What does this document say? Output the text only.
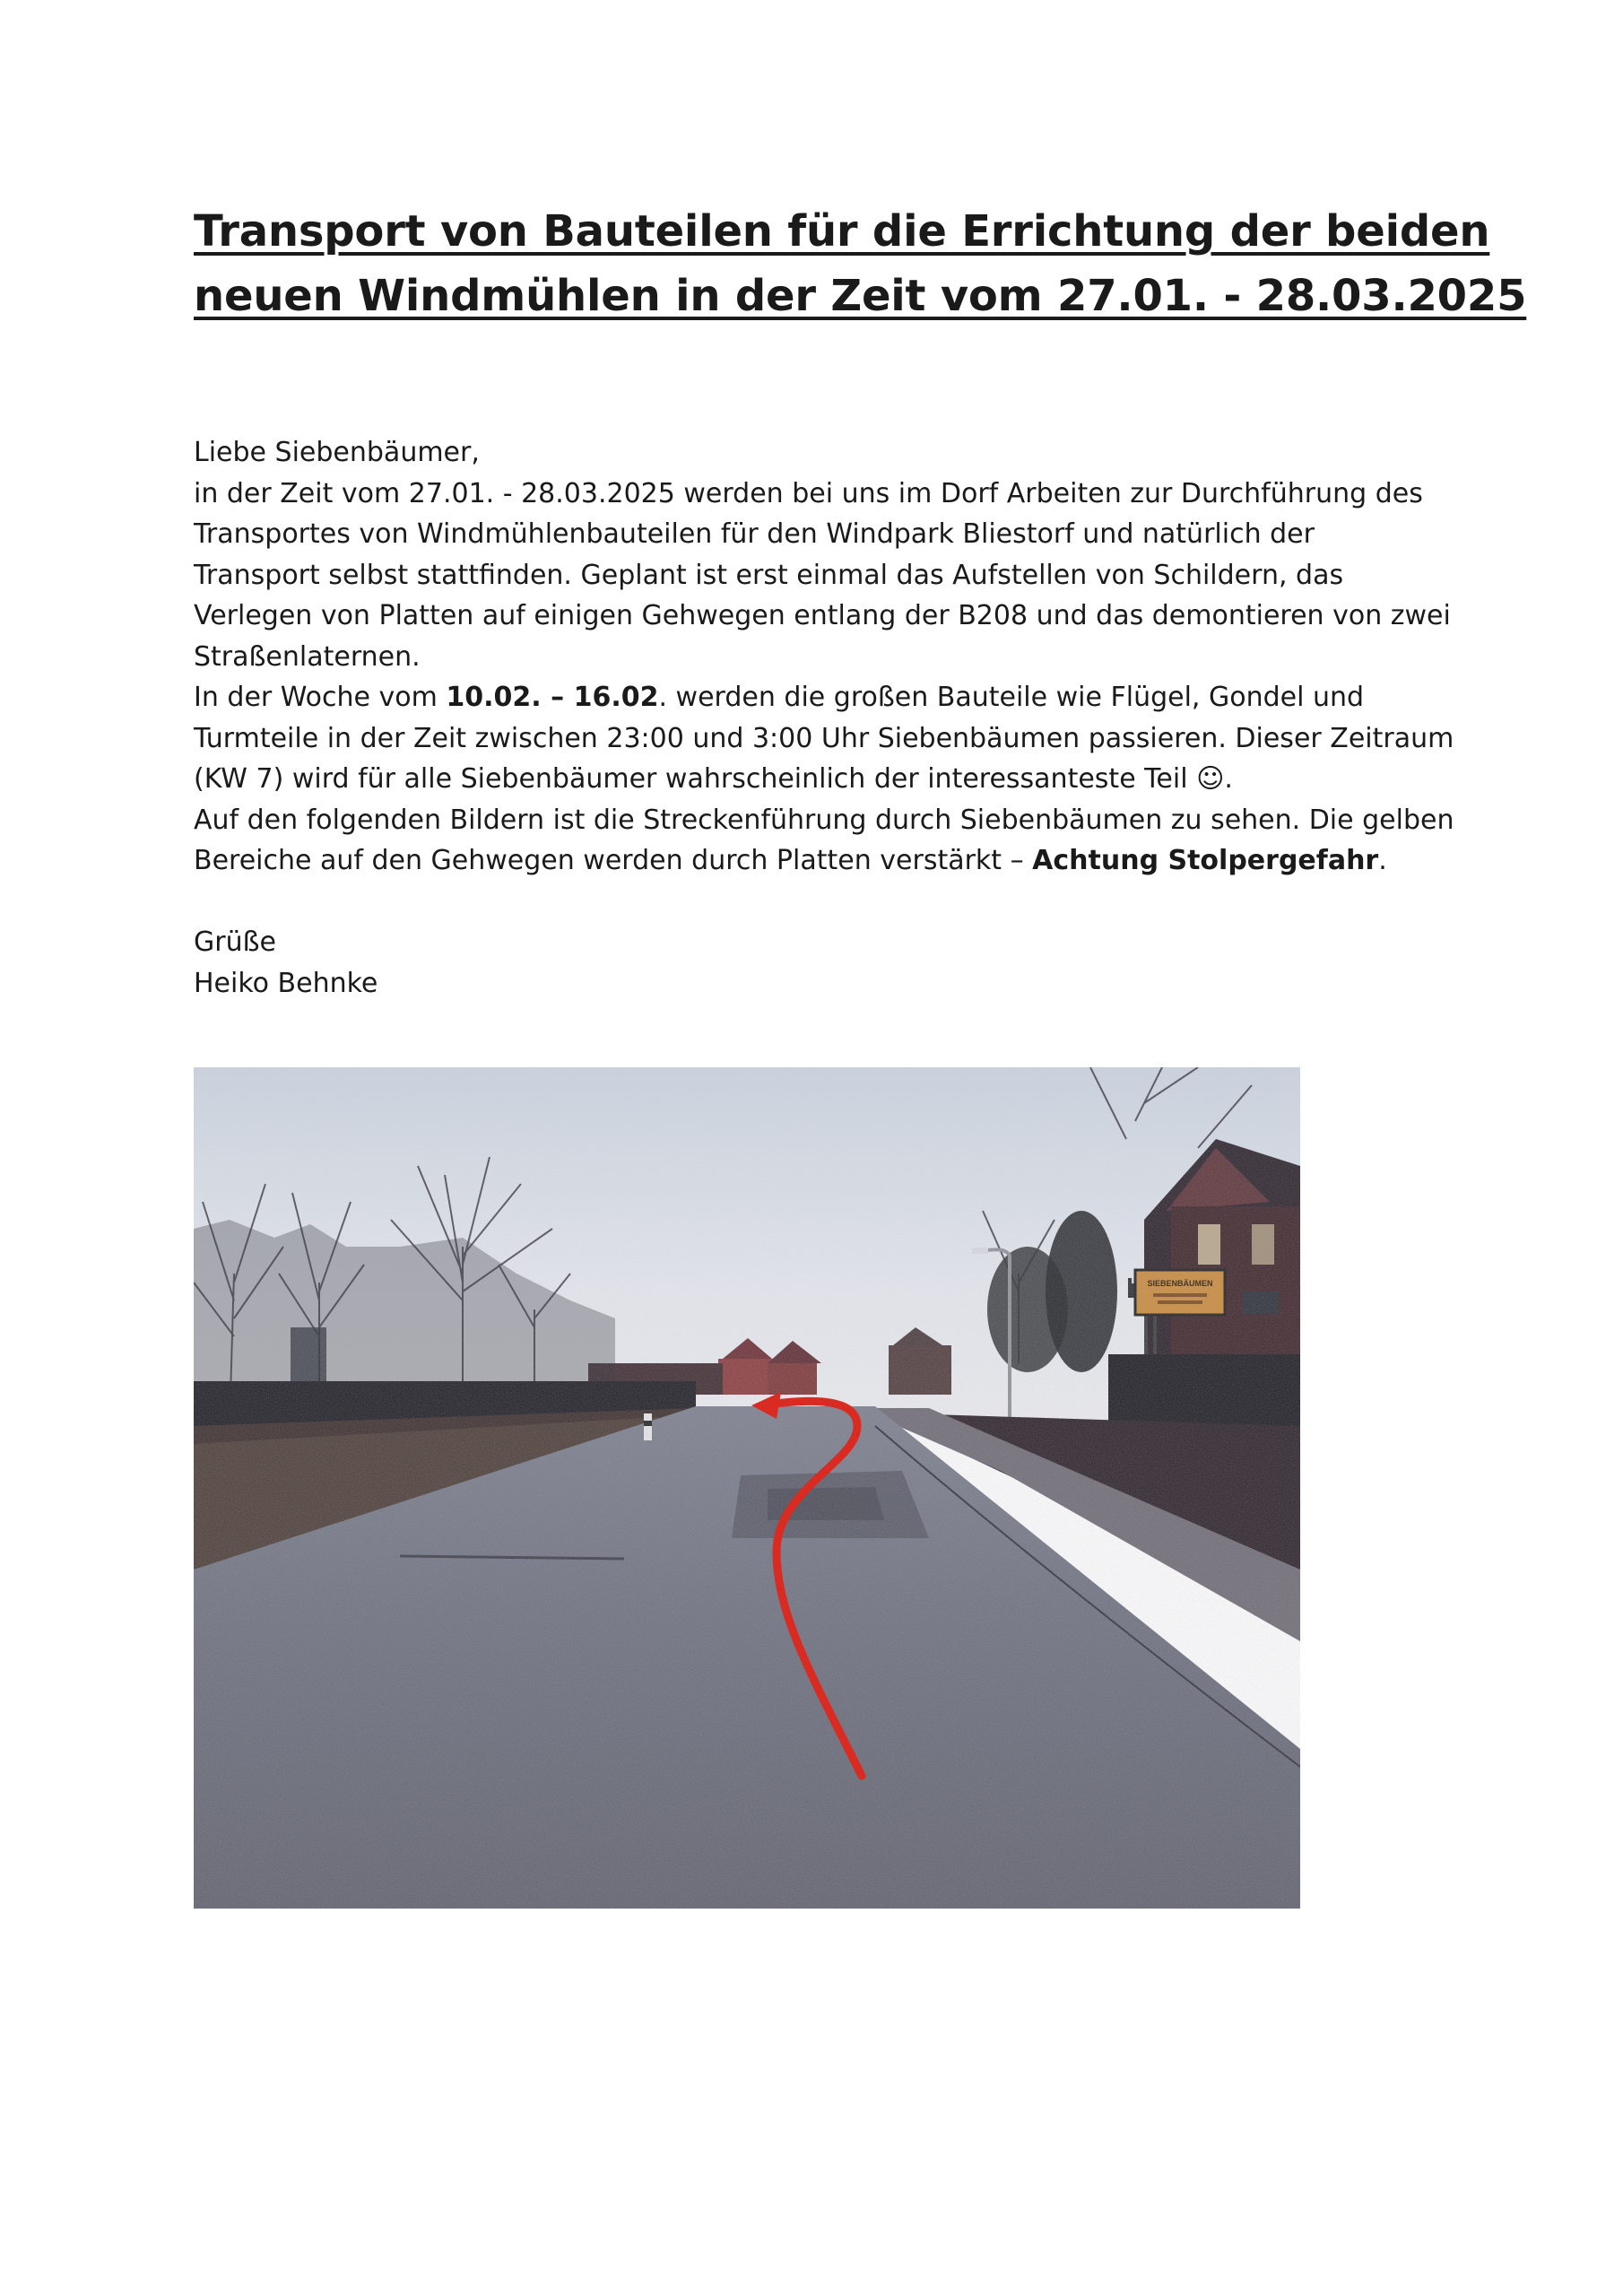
Transport von Bauteilen für die Errichtung der beiden
neuen Windmühlen in der Zeit vom 27.01. - 28.03.2025

Liebe Siebenbäumer,

in der Zeit vom 27.01. - 28.03.2025 werden bei uns im Dorf Arbeiten zur Durchführung des

Transportes von Windmühlenbauteilen für den Windpark Bliestorf und natürlich der

Transport selbst stattfinden. Geplant ist erst einmal das Aufstellen von Schildern, das

Verlegen von Platten auf einigen Gehwegen entlang der B208 und das demontieren von zwei

Straßenlaternen.

In der Woche vom 10.02. – 16.02. werden die großen Bauteile wie Flügel, Gondel und

Turmteile in der Zeit zwischen 23:00 und 3:00 Uhr Siebenbäumen passieren. Dieser Zeitraum

(KW 7) wird für alle Siebenbäumer wahrscheinlich der interessanteste Teil ☺.

Auf den folgenden Bildern ist die Streckenführung durch Siebenbäumen zu sehen. Die gelben

Bereiche auf den Gehwegen werden durch Platten verstärkt – Achtung Stolpergefahr.

Grüße

Heiko Behnke
